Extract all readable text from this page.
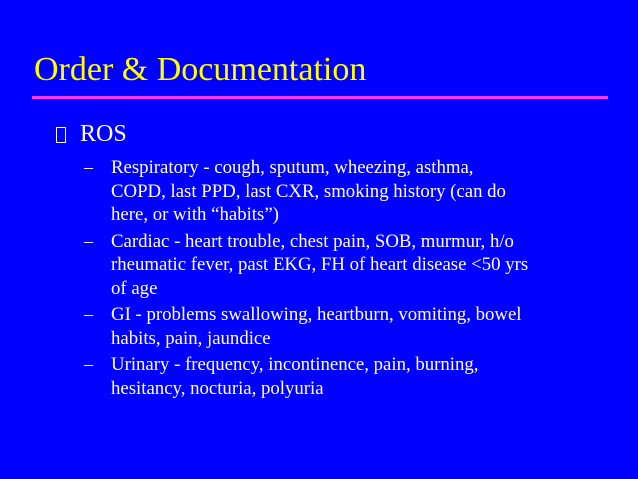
Order & Documentation
ROS
– Respiratory - cough, sputum, wheezing, asthma,
COPD, last PPD, last CXR, smoking history (can do
here, or with “habits”)
– Cardiac - heart trouble, chest pain, SOB, murmur, h/o
rheumatic fever, past EKG, FH of heart disease <50 yrs
of age
– GI - problems swallowing, heartburn, vomiting, bowel
habits, pain, jaundice
– Urinary - frequency, incontinence, pain, burning,
hesitancy, nocturia, polyuria
